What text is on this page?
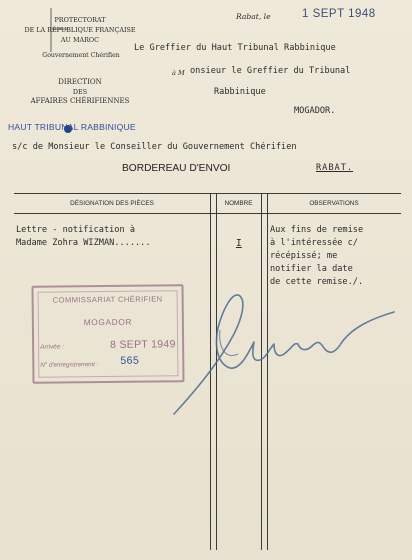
PROTECTORAT
DE LA RÉPUBLIQUE FRANÇAISE
AU MAROC
Gouvernement Chérifien
DIRECTION
DES
AFFAIRES CHÉRIFIENNES
Rabat, le	1 SEPT 1948
Le Greffier du Haut Tribunal Rabbinique
à M onsieur le Greffier du Tribunal
Rabbinique
MOGADOR.
HAUT TRIBUNAL RABBINIQUE
s/c de Monsieur le Conseiller du Gouvernement Chérifien
BORDEREAU D'ENVOI	RABAT.
DÉSIGNATION DES PIÈCES	NOMBRE	OBSERVATIONS
Lettre - notification à
Madame Zohra WIZMAN.......	I
Aux fins de remise
à l'intéressée c/
récépissé; me
notifier la date
de cette remise./.
COMMISSARIAT CHÉRIFIEN
MOGADOR
Arrivée :	8 SEPT 1949
N° d'enregistrement : 565
